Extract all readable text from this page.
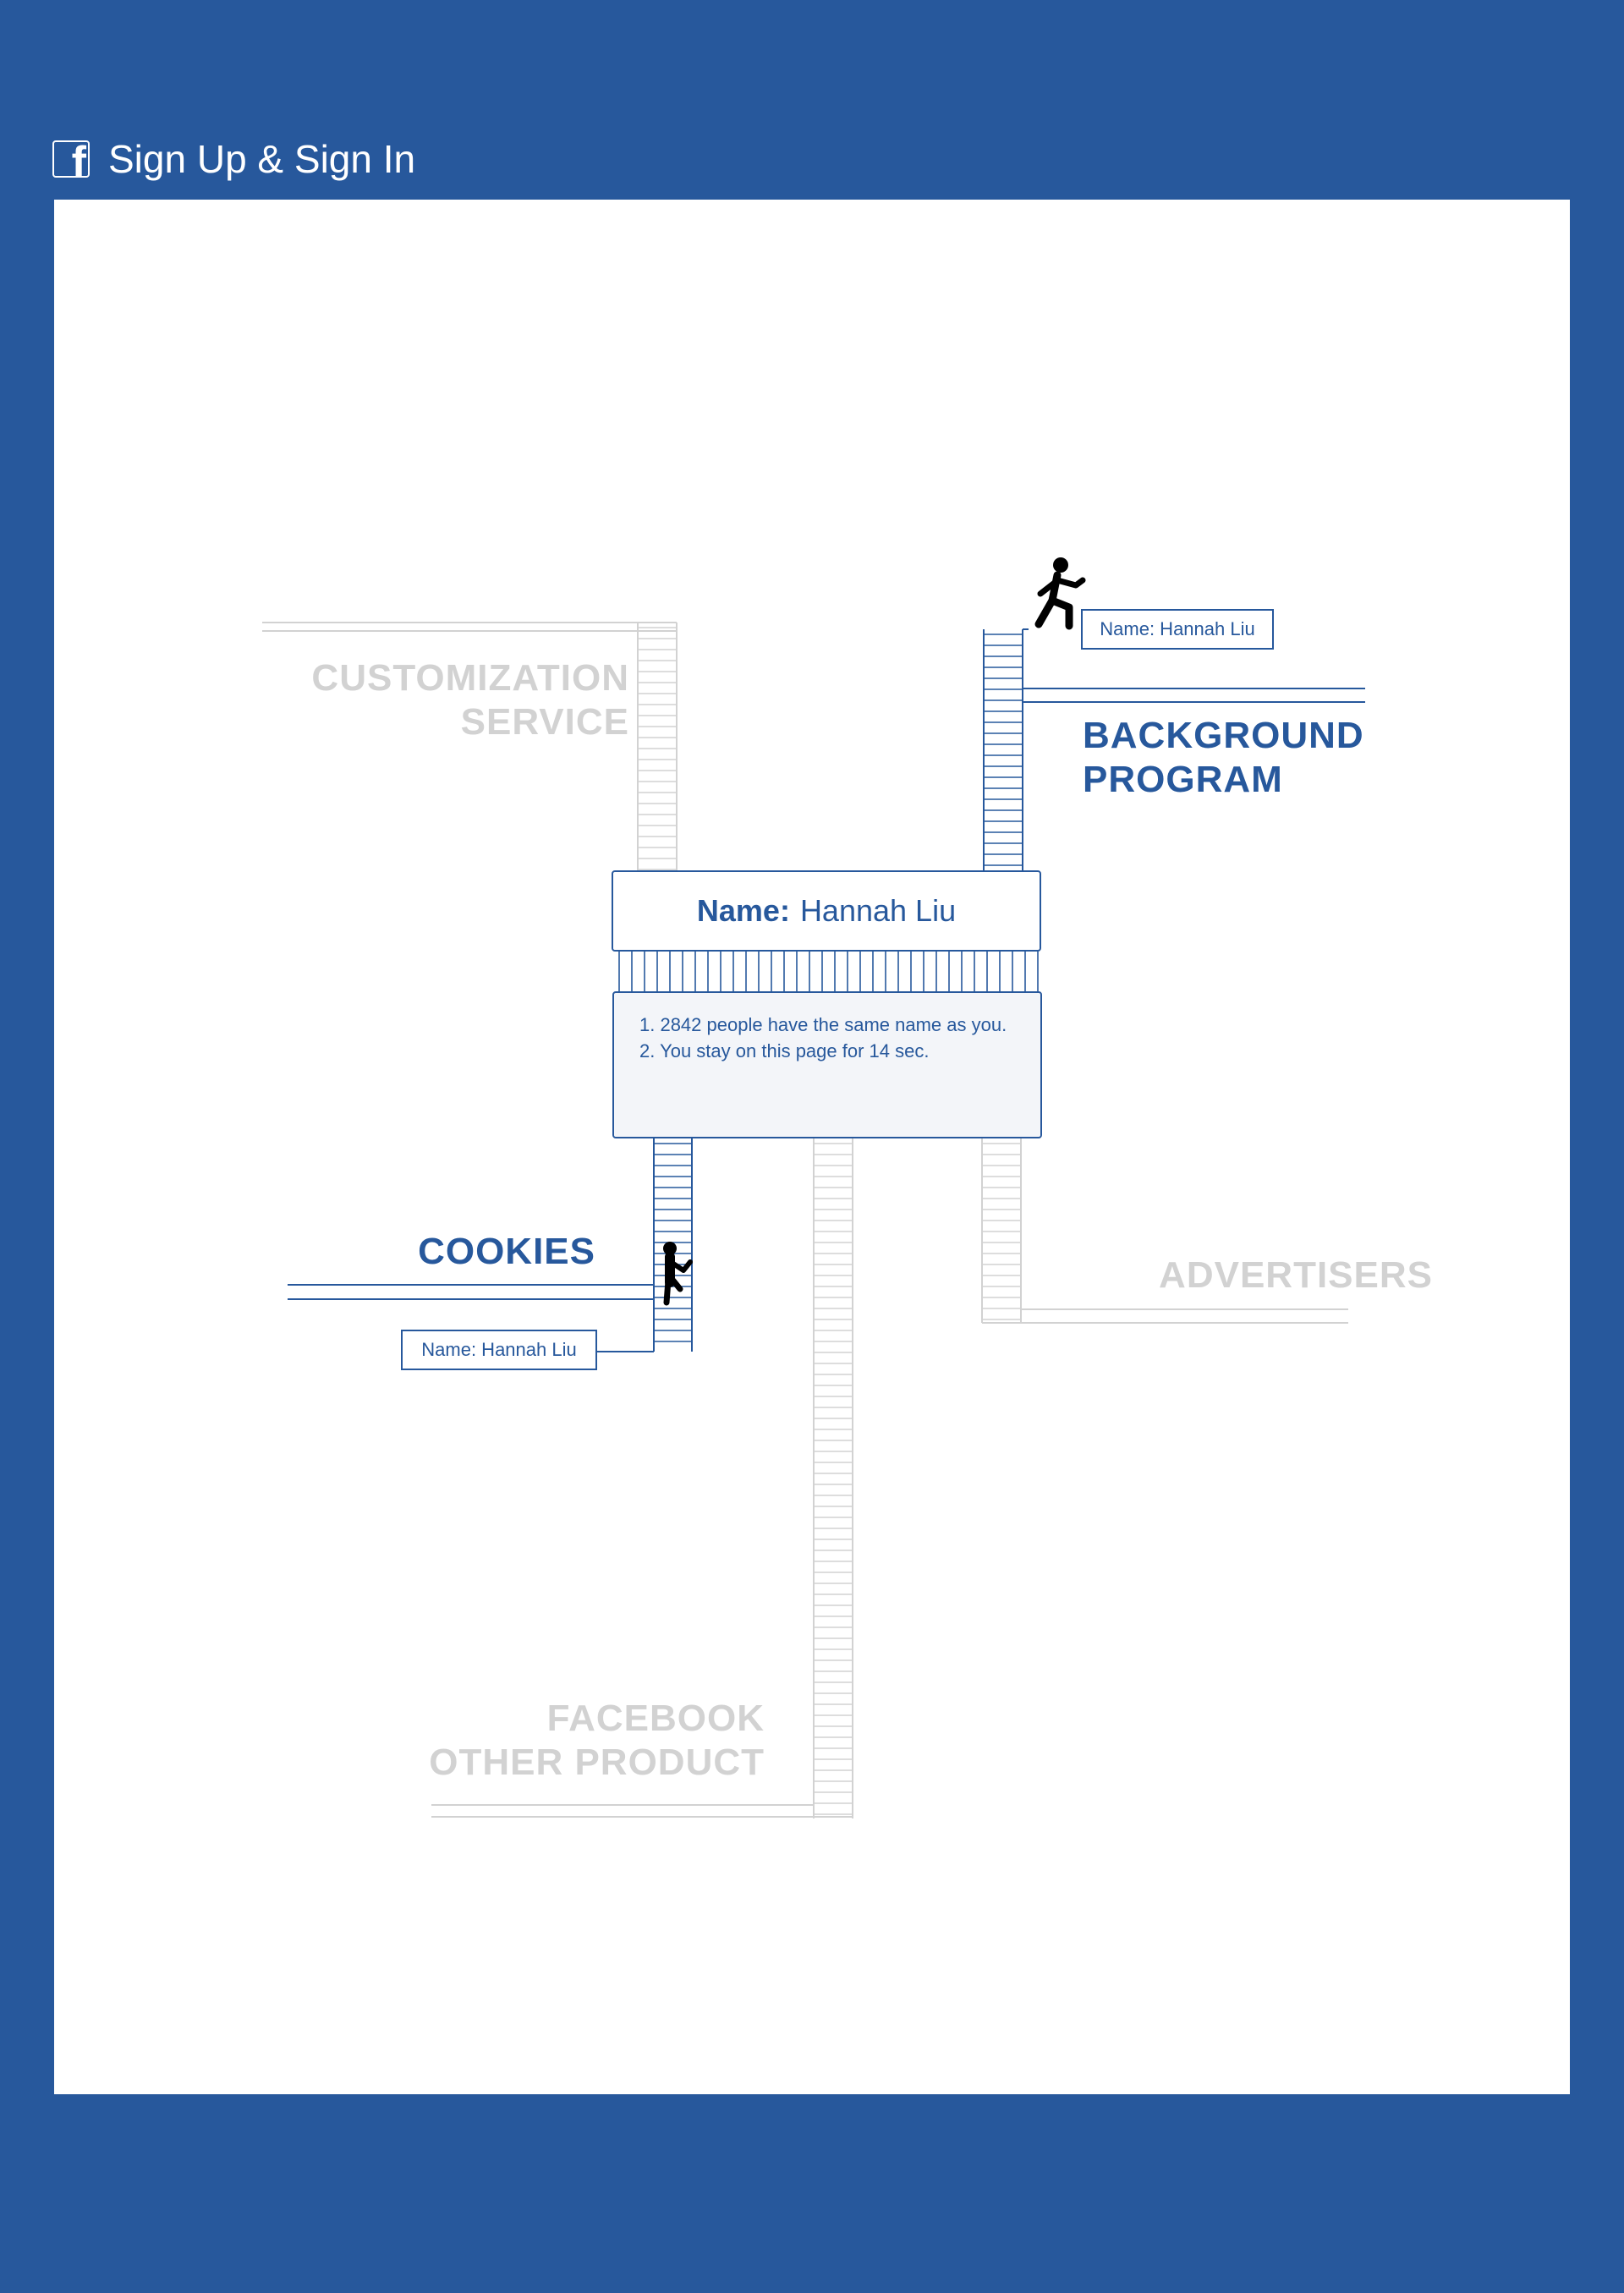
f Sign Up & Sign In
CUSTOMIZATION
SERVICE	BACKGROUND
PROGRAM
COOKIES
ADVERTISERS
FACEBOOK
OTHER PRODUCT
Name: Hannah Liu
Name: Hannah Liu
Name: Hannah Liu
1. 2842 people have the same name as you.
2. You stay on this page for 14 sec.
